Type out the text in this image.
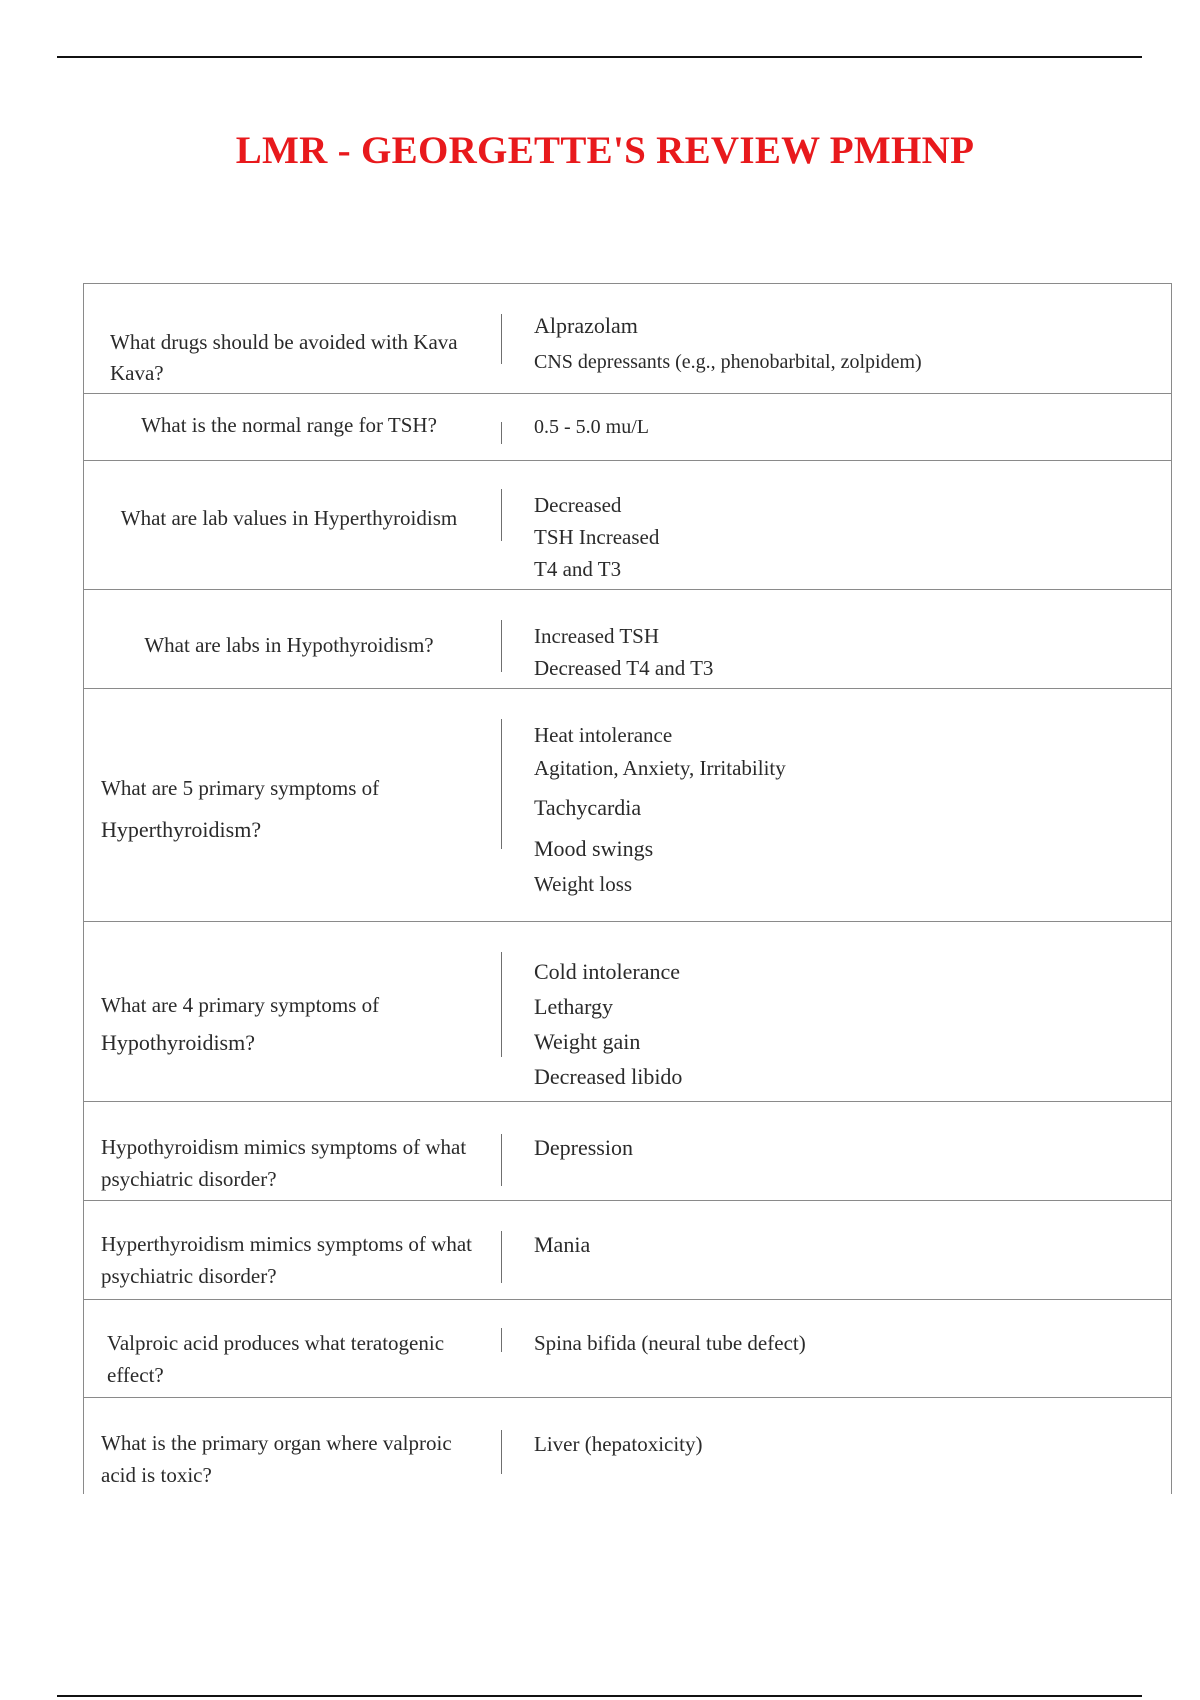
LMR - GEORGETTE'S REVIEW PMHNP
What drugs should be avoided with Kava Kava?
Alprazolam
CNS depressants (e.g., phenobarbital, zolpidem)
What is the normal range for TSH?	0.5 - 5.0 mu/L
What are lab values in Hyperthyroidism
Decreased
TSH Increased
T4 and T3
What are labs in Hypothyroidism?	Increased TSH
Decreased T4 and T3
What are 5 primary symptoms of
Hyperthyroidism?
Heat intolerance
Agitation, Anxiety, Irritability
Tachycardia
Mood swings
Weight loss
What are 4 primary symptoms of
Hypothyroidism?
Cold intolerance
Lethargy
Weight gain
Decreased libido
Hypothyroidism mimics symptoms of what psychiatric disorder?
Depression
Hyperthyroidism mimics symptoms of what psychiatric disorder?
Mania
Valproic acid produces what teratogenic effect?
Spina bifida (neural tube defect)
What is the primary organ where valproic acid is toxic?
Liver (hepatoxicity)
